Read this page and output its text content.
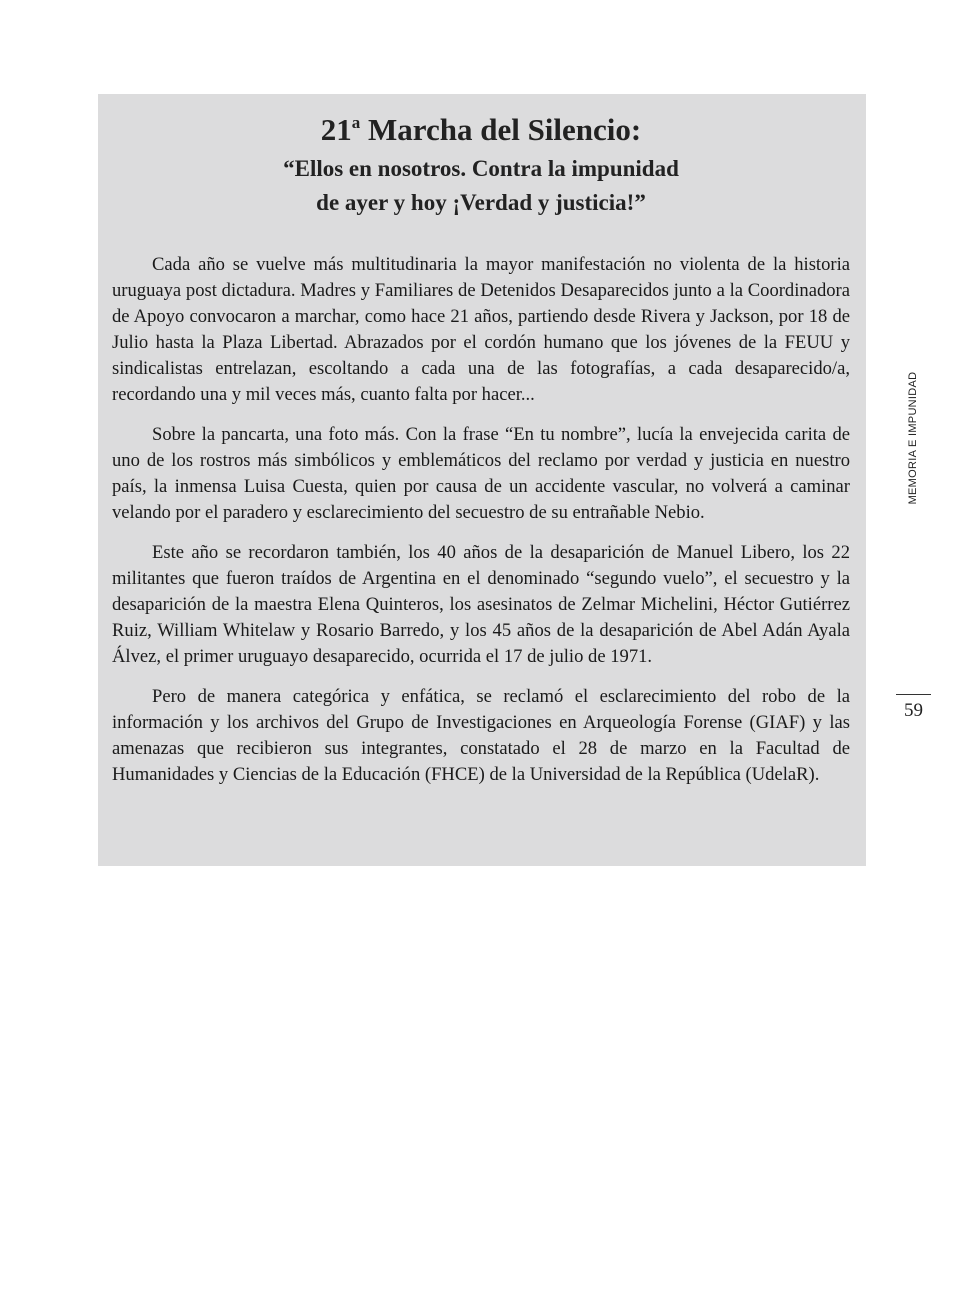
21$^a$ Marcha del Silencio:
“Ellos en nosotros. Contra la impunidad
de ayer y hoy ¡Verdad y justicia!”

Cada año se vuelve más multitudinaria la mayor manifestación no violenta de la historia uruguaya post dictadura. Madres y Familiares de Detenidos Desaparecidos junto a la Coordinadora de Apoyo convocaron a marchar, como hace 21 años, partiendo desde Rivera y Jackson, por 18 de Julio hasta la Plaza Libertad. Abrazados por el cordón humano que los jóvenes de la FEUU y sindicalistas entrelazan, escoltando a cada una de las fotografías, a cada desaparecido/a, recordando una y mil veces más, cuanto falta por hacer...

Sobre la pancarta, una foto más. Con la frase “En tu nombre”, lucía la envejecida carita de uno de los rostros más simbólicos y emblemáticos del reclamo por verdad y justicia en nuestro país, la inmensa Luisa Cuesta, quien por causa de un accidente vascular, no volverá a caminar velando por el paradero y esclarecimiento del secuestro de su entrañable Nebio.

Este año se recordaron también, los 40 años de la desaparición de Manuel Libero, los 22 militantes que fueron traídos de Argentina en el denominado “segundo vuelo”, el secuestro y la desaparición de la maestra Elena Quinteros, los asesinatos de Zelmar Michelini, Héctor Gutiérrez Ruiz, William Whitelaw y Rosario Barredo, y los 45 años de la desaparición de Abel Adán Ayala Álvez, el primer uruguayo desaparecido, ocurrida el 17 de julio de 1971.

Pero de manera categórica y enfática, se reclamó el esclarecimiento del robo de la información y los archivos del Grupo de Investigaciones en Arqueología Forense (GIAF) y las amenazas que recibieron sus integrantes, constatado el 28 de marzo en la Facultad de Humanidades y Ciencias de la Educación (FHCE) de la Universidad de la República (UdelaR).

MEMORIA E IMPUNIDAD
59
